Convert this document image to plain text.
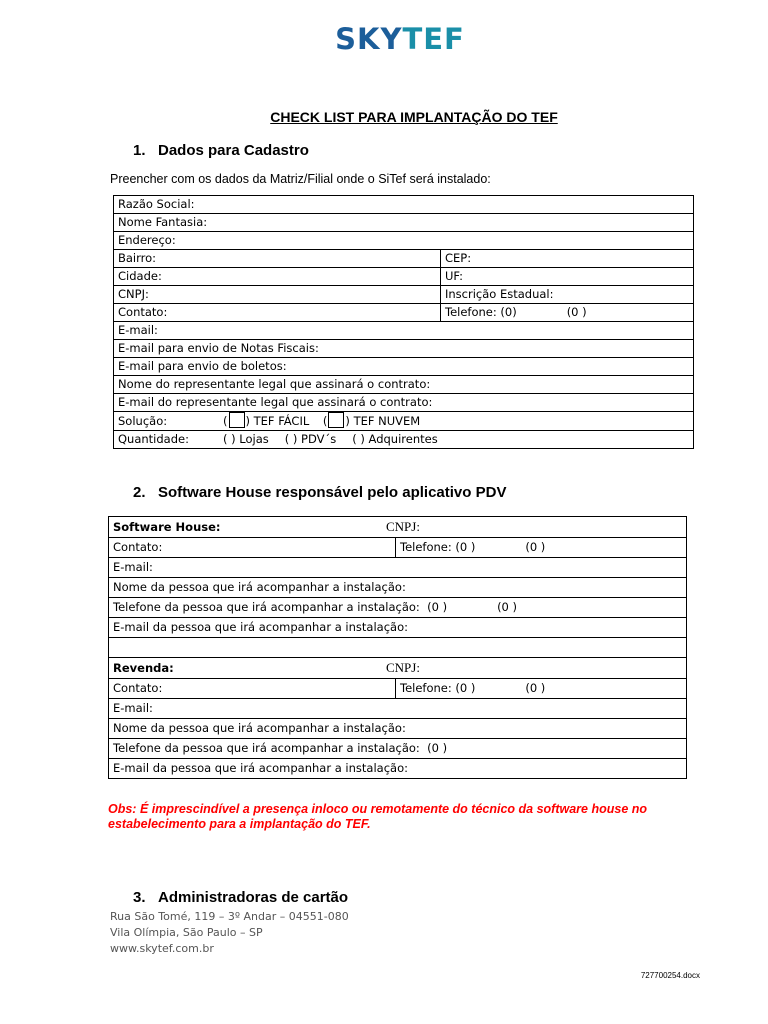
SKYTEF
CHECK LIST PARA IMPLANTAÇÃO DO TEF
1. Dados para Cadastro
Preencher com os dados da Matriz/Filial onde o SiTef será instalado:
Razão Social:	
Nome Fantasia:	
Endereço:	
Bairro:	CEP:
Cidade:	UF:
CNPJ:	Inscrição Estadual:
Contato:	Telefone: (0) (0 )
E-mail:	
E-mail para envio de Notas Fiscais:	
E-mail para envio de boletos:	
Nome do representante legal que assinará o contrato:	
E-mail do representante legal que assinará o contrato:	
Solução: ( ) TEF FÁCIL ( ) TEF NUVEM	
Quantidade: ( ) Lojas ( ) PDV´s ( ) Adquirentes	
2. Software House responsável pelo aplicativo PDV
Software House: CNPJ:	
Contato:	Telefone: (0 ) (0 )
E-mail:	
Nome da pessoa que irá acompanhar a instalação:	
Telefone da pessoa que irá acompanhar a instalação: (0 ) (0 )	
E-mail da pessoa que irá acompanhar a instalação:	

Revenda: CNPJ:	
Contato:	Telefone: (0 ) (0 )
E-mail:	
Nome da pessoa que irá acompanhar a instalação:	
Telefone da pessoa que irá acompanhar a instalação: (0 )	
E-mail da pessoa que irá acompanhar a instalação:	
Obs: É imprescindível a presença inloco ou remotamente do técnico da software house no estabelecimento para a implantação do TEF.
3. Administradoras de cartão
Rua São Tomé, 119 – 3º Andar – 04551-080
Vila Olímpia, São Paulo – SP
www.skytef.com.br
727700254.docx
